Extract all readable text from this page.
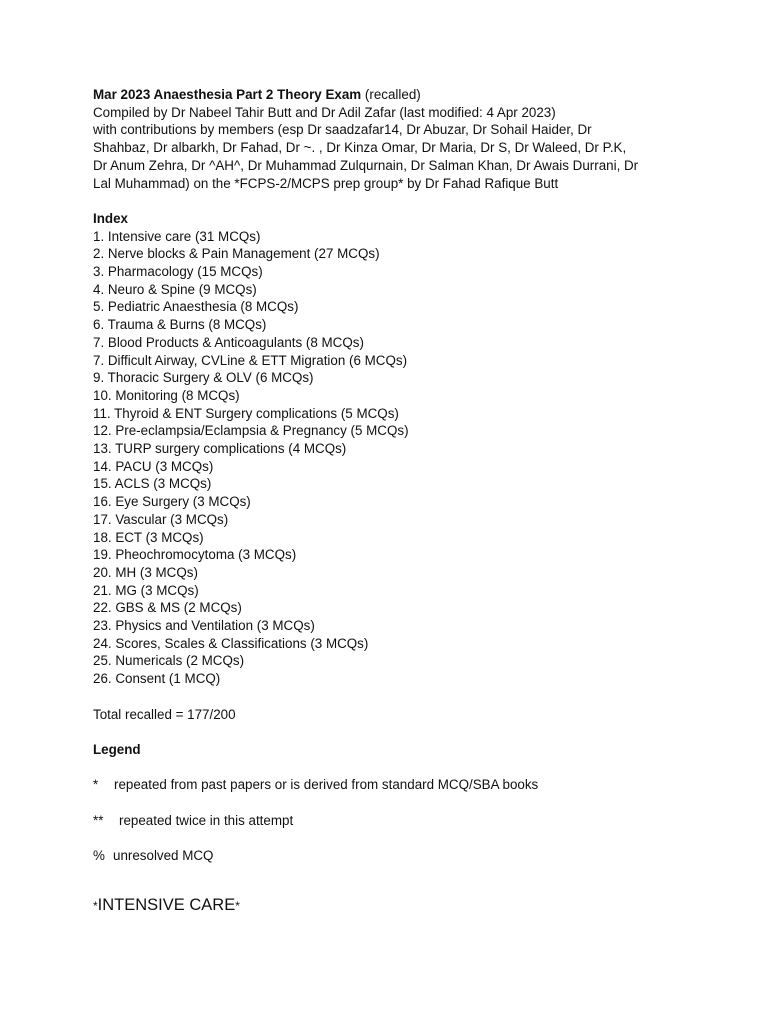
Mar 2023 Anaesthesia Part 2 Theory Exam (recalled)
Compiled by Dr Nabeel Tahir Butt and Dr Adil Zafar (last modified: 4 Apr 2023)
with contributions by members (esp Dr saadzafar14, Dr Abuzar, Dr Sohail Haider, Dr
Shahbaz, Dr albarkh, Dr Fahad, Dr ~. , Dr Kinza Omar, Dr Maria, Dr S, Dr Waleed, Dr P.K,
Dr Anum Zehra, Dr ^AH^, Dr Muhammad Zulqurnain, Dr Salman Khan, Dr Awais Durrani, Dr
Lal Muhammad) on the *FCPS-2/MCPS prep group* by Dr Fahad Rafique Butt
Index
1. Intensive care (31 MCQs)
2. Nerve blocks & Pain Management (27 MCQs)
3. Pharmacology (15 MCQs)
4. Neuro & Spine (9 MCQs)
5. Pediatric Anaesthesia (8 MCQs)
6. Trauma & Burns (8 MCQs)
7. Blood Products & Anticoagulants (8 MCQs)
7. Difficult Airway, CVLine & ETT Migration (6 MCQs)
9. Thoracic Surgery & OLV (6 MCQs)
10. Monitoring (8 MCQs)
11. Thyroid & ENT Surgery complications (5 MCQs)
12. Pre-eclampsia/Eclampsia & Pregnancy (5 MCQs)
13. TURP surgery complications (4 MCQs)
14. PACU (3 MCQs)
15. ACLS (3 MCQs)
16. Eye Surgery (3 MCQs)
17. Vascular (3 MCQs)
18. ECT (3 MCQs)
19. Pheochromocytoma (3 MCQs)
20. MH (3 MCQs)
21. MG (3 MCQs)
22. GBS & MS (2 MCQs)
23. Physics and Ventilation (3 MCQs)
24. Scores, Scales & Classifications (3 MCQs)
25. Numericals (2 MCQs)
26. Consent (1 MCQ)
Total recalled = 177/200
Legend
* repeated from past papers or is derived from standard MCQ/SBA books
** repeated twice in this attempt
% unresolved MCQ
*INTENSIVE CARE*
